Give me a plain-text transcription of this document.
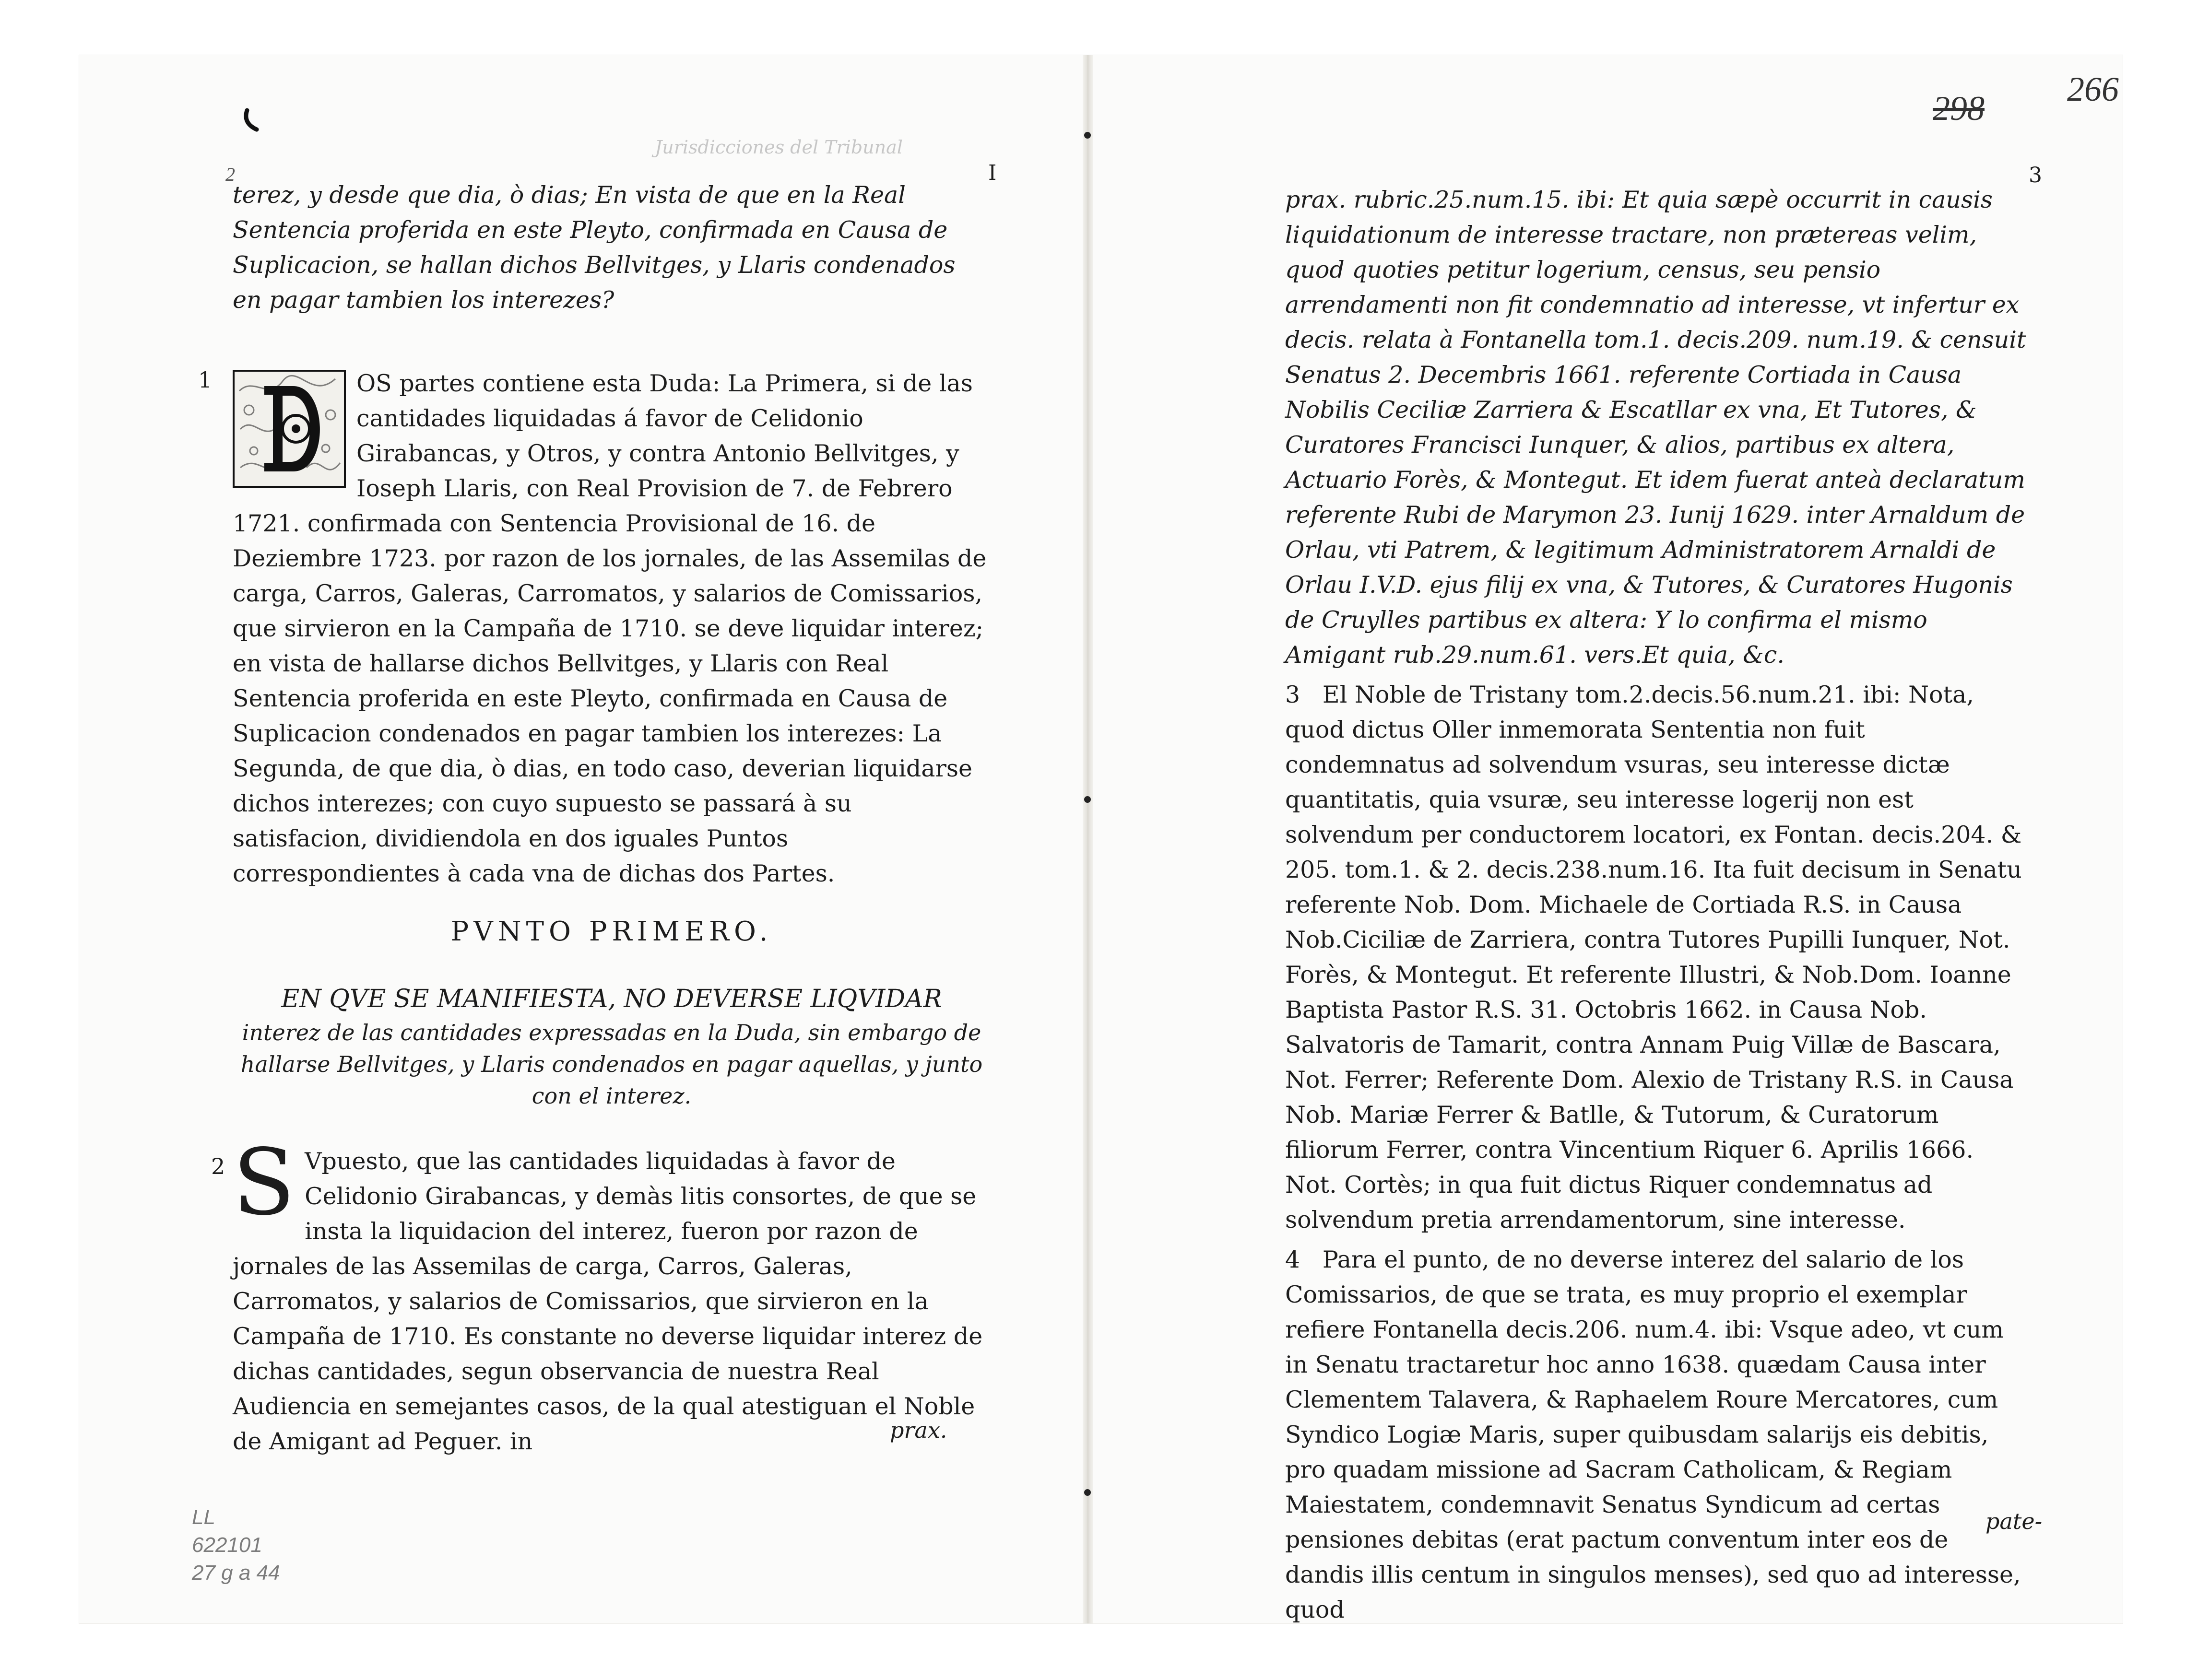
Jurisdicciones del Tribunal
2	I
terez, y desde que dia, ò dias; En vista de que en la Real Sentencia proferida en este Pleyto, confirmada en Causa de Suplicacion, se hallan dichos Bellvitges, y Llaris condenados en pagar tambien los interezes?
1	OS partes contiene esta Duda: La Primera, si de las cantidades liquidadas á favor de Celidonio Girabancas, y Otros, y contra Antonio Bellvitges, y Ioseph Llaris, con Real Provision de 7. de Febrero 1721. confirmada con Sentencia Provisional de 16. de Deziembre 1723. por razon de los jornales, de las Assemilas de carga, Carros, Galeras, Carromatos, y salarios de Comissarios, que sirvieron en la Campaña de 1710. se deve liquidar interez; en vista de hallarse dichos Bellvitges, y Llaris con Real Sentencia proferida en este Pleyto, confirmada en Causa de Suplicacion condenados en pagar tambien los interezes: La Segunda, de que dia, ò dias, en todo caso, deverian liquidarse dichos interezes; con cuyo supuesto se passará à su satisfacion, dividiendola en dos iguales Puntos correspondientes à cada vna de dichas dos Partes.
PVNTO PRIMERO.
EN QVE SE MANIFIESTA, NO DEVERSE LIQVIDAR
interez de las cantidades expressadas en la Duda, sin embargo de hallarse Bellvitges, y Llaris condenados en pagar aquellas, y junto con el interez.
2 S Vpuesto, que las cantidades liquidadas à favor de Celidonio Girabancas, y demàs litis consortes, de que se insta la liquidacion del interez, fueron por razon de jornales de las Assemilas de carga, Carros, Galeras, Carromatos, y salarios de Comissarios, que sirvieron en la Campaña de 1710. Es constante no deverse liquidar interez de dichas cantidades, segun observancia de nuestra Real Audiencia en semejantes casos, de la qual atestiguan el Noble de Amigant ad Peguer. in	prax.
LL
622101
27 g a 44
298 266
3
prax. rubric.25.num.15. ibi: Et quia sæpè occurrit in causis liquidationum de interesse tractare, non prætereas velim, quod quoties petitur logerium, census, seu pensio arrendamenti non fit condemnatio ad interesse, vt infertur ex decis. relata à Fontanella tom.1. decis.209. num.19. & censuit Senatus 2. Decembris 1661. referente Cortiada in Causa Nobilis Ceciliæ Zarriera & Escatllar ex vna, Et Tutores, & Curatores Francisci Iunquer, & alios, partibus ex altera, Actuario Forès, & Montegut. Et idem fuerat anteà declaratum referente Rubi de Marymon 23. Iunij 1629. inter Arnaldum de Orlau, vti Patrem, & legitimum Administratorem Arnaldi de Orlau I.V.D. ejus filij ex vna, & Tutores, & Curatores Hugonis de Cruylles partibus ex altera: Y lo confirma el mismo Amigant rub.29.num.61. vers.Et quia, &c.
3 El Noble de Tristany tom.2.decis.56.num.21. ibi: Nota, quod dictus Oller inmemorata Sententia non fuit condemnatus ad solvendum vsuras, seu interesse dictæ quantitatis, quia vsuræ, seu interesse logerij non est solvendum per conductorem locatori, ex Fontan. decis.204. & 205. tom.1. & 2. decis.238.num.16. Ita fuit decisum in Senatu referente Nob. Dom. Michaele de Cortiada R.S. in Causa Nob.Ciciliæ de Zarriera, contra Tutores Pupilli Iunquer, Not. Forès, & Montegut. Et referente Illustri, & Nob.Dom. Ioanne Baptista Pastor R.S. 31. Octobris 1662. in Causa Nob. Salvatoris de Tamarit, contra Annam Puig Villæ de Bascara, Not. Ferrer; Referente Dom. Alexio de Tristany R.S. in Causa Nob. Mariæ Ferrer & Batlle, & Tutorum, & Curatorum filiorum Ferrer, contra Vincentium Riquer 6. Aprilis 1666. Not. Cortès; in qua fuit dictus Riquer condemnatus ad solvendum pretia arrendamentorum, sine interesse.
4 Para el punto, de no deverse interez del salario de los Comissarios, de que se trata, es muy proprio el exemplar refiere Fontanella decis.206. num.4. ibi: Vsque adeo, vt cum in Senatu tractaretur hoc anno 1638. quædam Causa inter Clementem Talavera, & Raphaelem Roure Mercatores, cum Syndico Logiæ Maris, super quibusdam salarijs eis debitis, pro quadam missione ad Sacram Catholicam, & Regiam Maiestatem, condemnavit Senatus Syndicum ad certas pensiones debitas (erat pactum conventum inter eos de dandis illis centum in singulos menses), sed quo ad interesse, quod
pate-
